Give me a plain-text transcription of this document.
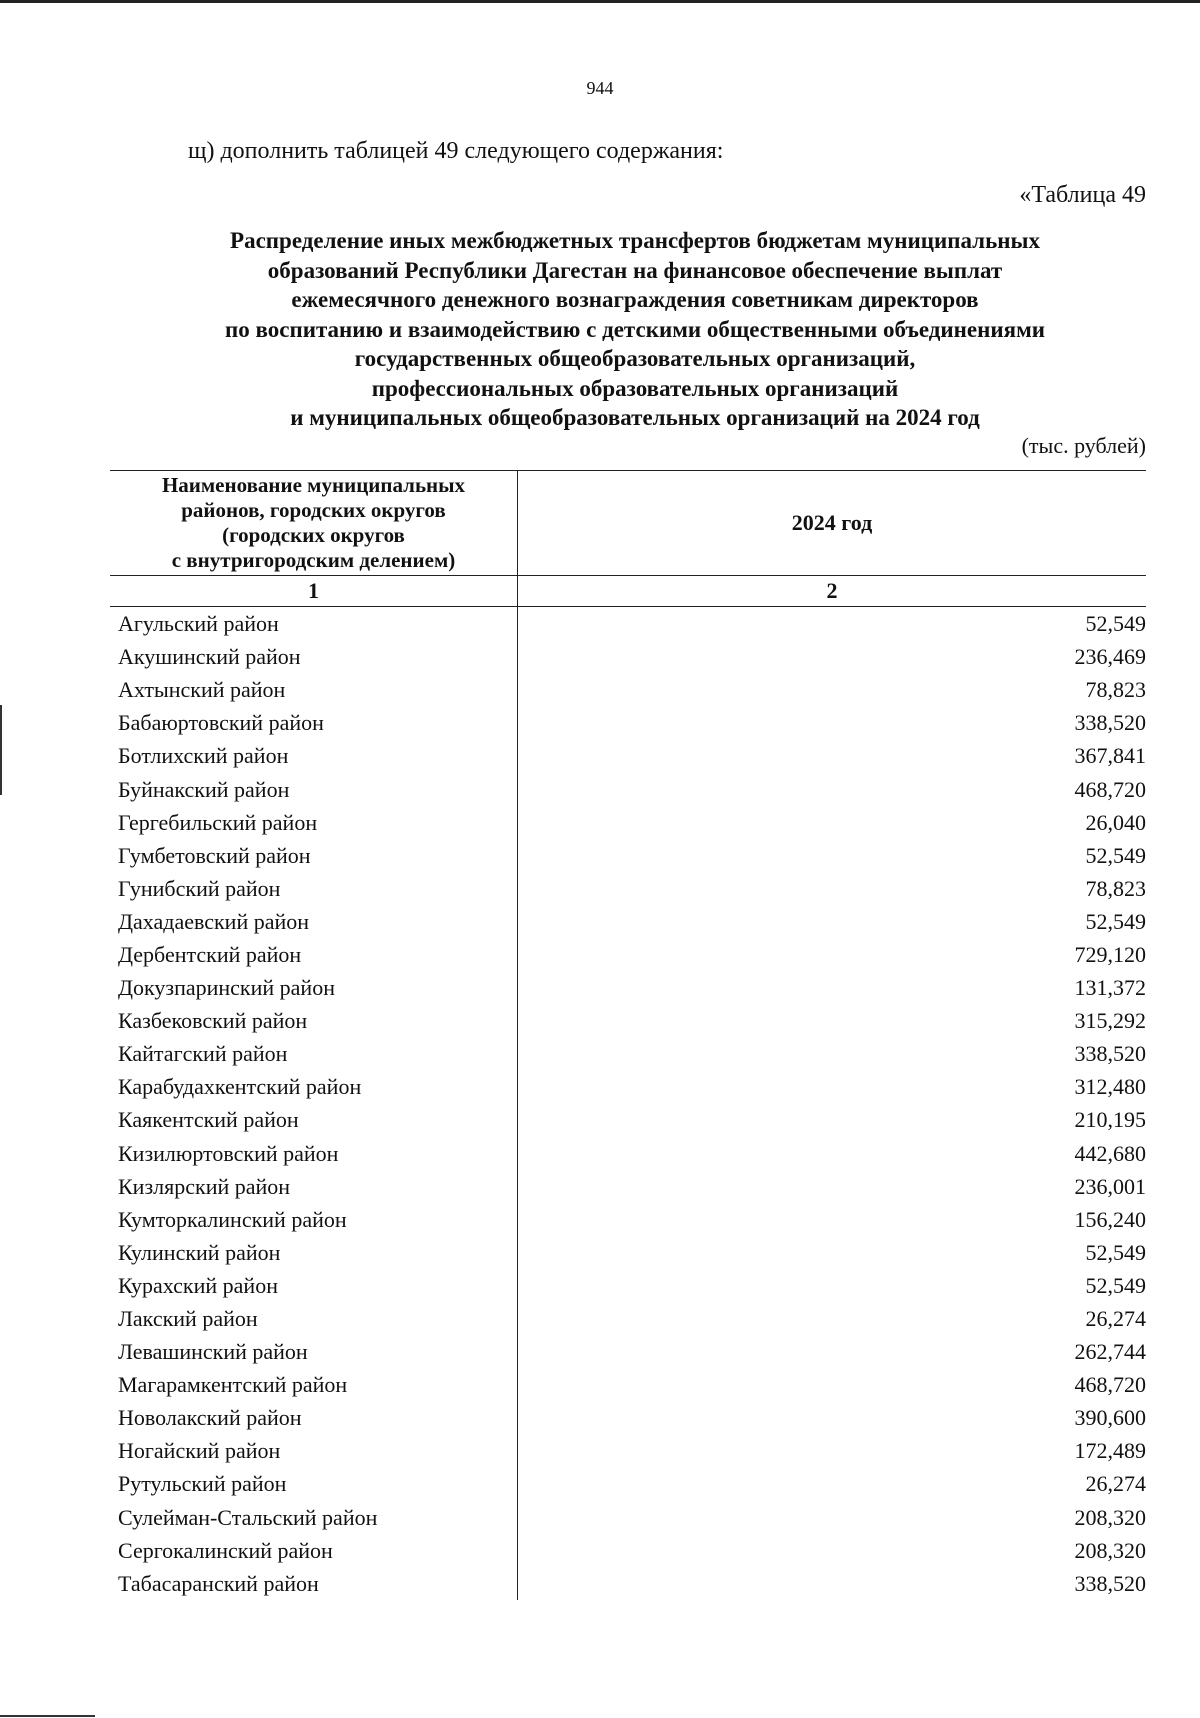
944
щ) дополнить таблицей 49 следующего содержания:
«Таблица 49
Распределение иных межбюджетных трансфертов бюджетам муниципальных
образований Республики Дагестан на финансовое обеспечение выплат
ежемесячного денежного вознаграждения советникам директоров
по воспитанию и взаимодействию с детскими общественными объединениями
государственных общеобразовательных организаций,
профессиональных образовательных организаций
и муниципальных общеобразовательных организаций на 2024 год
(тыс. рублей)
Наименование муниципальных
районов, городских округов
(городских округов
с внутригородским делением)	2024 год
1	2
Агульский район	52,549
Акушинский район	236,469
Ахтынский район	78,823
Бабаюртовский район	338,520
Ботлихский район	367,841
Буйнакский район	468,720
Гергебильский район	26,040
Гумбетовский район	52,549
Гунибский район	78,823
Дахадаевский район	52,549
Дербентский район	729,120
Докузпаринский район	131,372
Казбековский район	315,292
Кайтагский район	338,520
Карабудахкентский район	312,480
Каякентский район	210,195
Кизилюртовский район	442,680
Кизлярский район	236,001
Кумторкалинский район	156,240
Кулинский район	52,549
Курахский район	52,549
Лакский район	26,274
Левашинский район	262,744
Магарамкентский район	468,720
Новолакский район	390,600
Ногайский район	172,489
Рутульский район	26,274
Сулейман-Стальский район	208,320
Сергокалинский район	208,320
Табасаранский район	338,520
